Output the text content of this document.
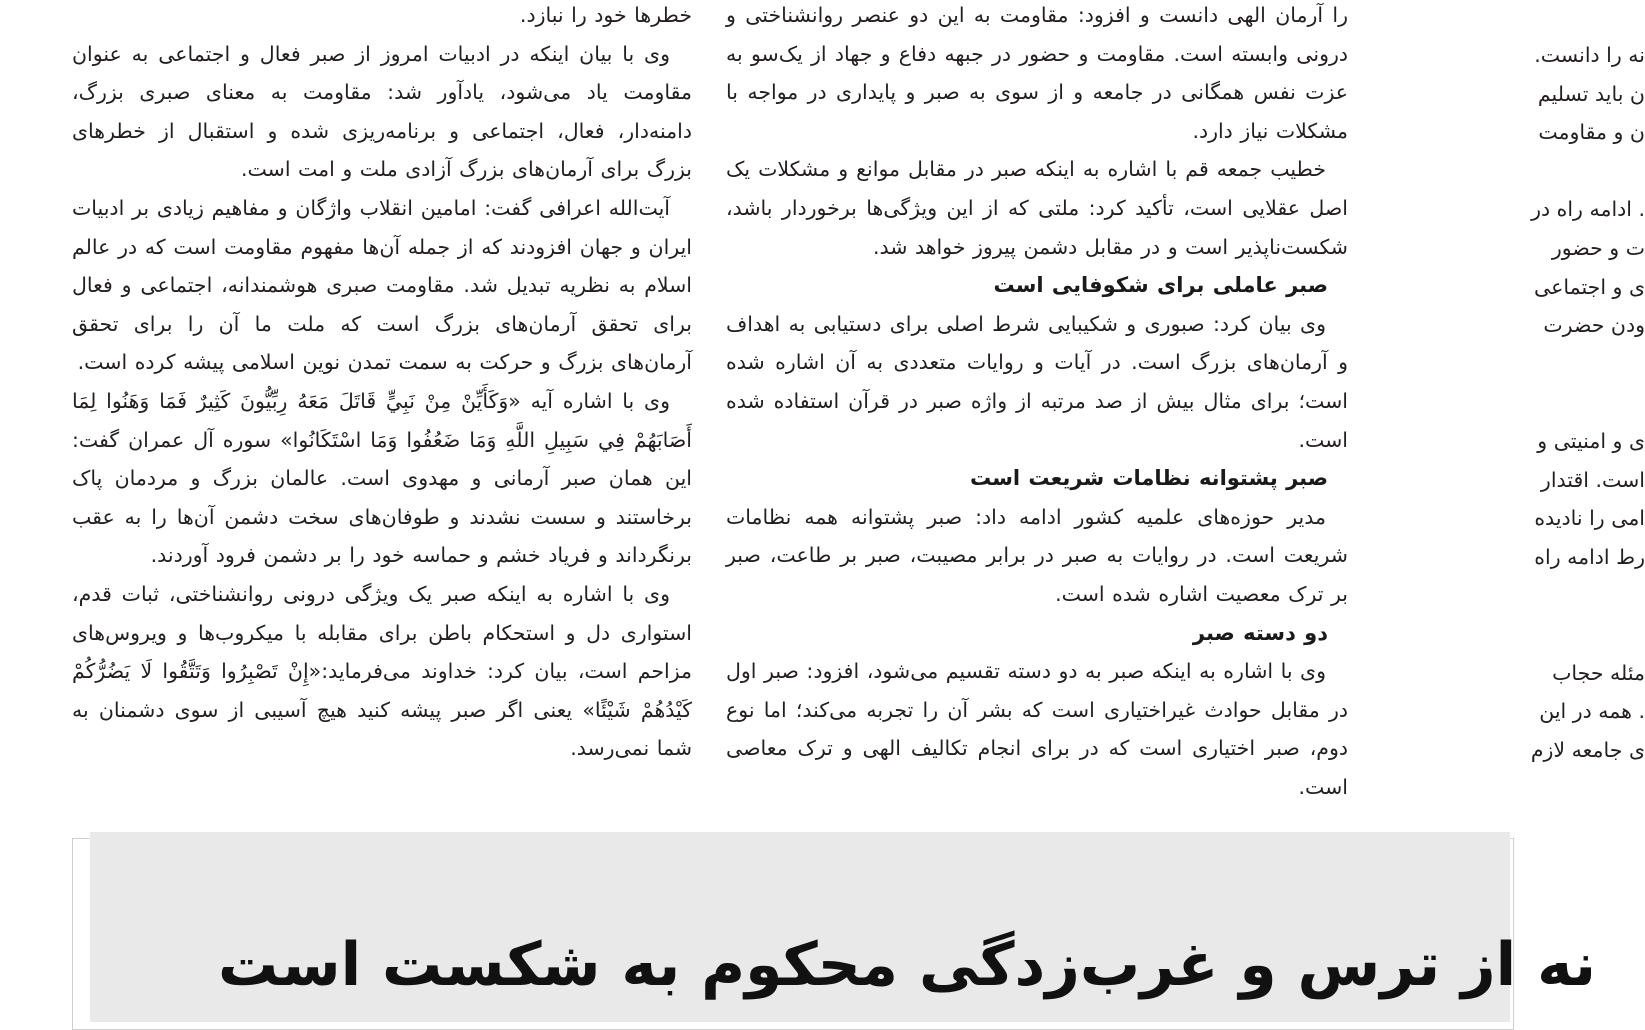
خطرها خود را نبازد.

وی با بیان اینکه در ادبیات امروز از صبر فعال و اجتماعی به عنوان مقاومت یاد می‌شود، یادآور شد: مقاومت به معنای صبری بزرگ، دامنه‌دار، فعال، اجتماعی و برنامه‌ریزی شده و استقبال از خطرهای بزرگ برای آرمان‌های بزرگ آزادی ملت و امت است.

آیت‌الله اعرافی گفت: امامین انقلاب واژگان و مفاهیم زیادی بر ادبیات ایران و جهان افزودند که از جمله آن‌ها مفهوم مقاومت است که در عالم اسلام به نظریه تبدیل شد. مقاومت صبری هوشمندانه، اجتماعی و فعال برای تحقق آرمان‌های بزرگ است که ملت ما آن را برای تحقق آرمان‌های بزرگ و حرکت به سمت تمدن نوین اسلامی پیشه کرده است.

وی با اشاره آیه «وَكَأَيِّنْ مِنْ نَبِيٍّ قَاتَلَ مَعَهُ رِبِّيُّونَ كَثِيرٌ فَمَا وَهَنُوا لِمَا أَصَابَهُمْ فِي سَبِيلِ اللَّهِ وَمَا ضَعُفُوا وَمَا اسْتَكَانُوا» سوره آل عمران گفت: این همان صبر آرمانی و مهدوی است. عالمان بزرگ و مردمان پاک برخاستند و سست نشدند و طوفان‌های سخت دشمن آن‌ها را به عقب برنگرداند و فریاد خشم و حماسه خود را بر دشمن فرود آوردند.

وی با اشاره به اینکه صبر یک ویژگی درونی روانشناختی، ثبات قدم، استواری دل و استحکام باطن برای مقابله با میکروب‌ها و ویروس‌های مزاحم است، بیان کرد: خداوند می‌فرماید:«إِنْ تَصْبِرُوا وَتَتَّقُوا لَا يَضُرُّكُمْ كَيْدُهُمْ شَيْئًا» یعنی اگر صبر پیشه کنید هیچ آسیبی از سوی دشمنان به شما نمی‌رسد.

را آرمان الهی دانست و افزود: مقاومت به این دو عنصر روانشناختی و درونی وابسته است. مقاومت و حضور در جبهه دفاع و جهاد از یک‌سو به عزت نفس همگانی در جامعه و از سوی به صبر و پایداری در مواجه با مشکلات نیاز دارد.

خطیب جمعه قم با اشاره به اینکه صبر در مقابل موانع و مشکلات یک اصل عقلایی است، تأکید کرد: ملتی که از این ویژگی‌ها برخوردار باشد، شکست‌ناپذیر است و در مقابل دشمن پیروز خواهد شد.

صبر عاملی برای شکوفایی است

وی بیان کرد: صبوری و شکیبایی شرط اصلی برای دستیابی به اهداف و آرمان‌های بزرگ است. در آیات و روایات متعددی به آن اشاره شده است؛ برای مثال بیش از صد مرتبه از واژه صبر در قرآن استفاده شده است.

صبر پشتوانه نظامات شریعت است

مدیر حوزه‌های علمیه کشور ادامه داد: صبر پشتوانه همه نظامات شریعت است. در روایات به صبر در برابر مصیبت، صبر بر طاعت، صبر بر ترک معصیت اشاره شده است.

دو دسته صبر

وی با اشاره به اینکه صبر به دو دسته تقسیم می‌شود، افزود: صبر اول در مقابل حوادث غیراختیاری است که بشر آن را تجربه می‌کند؛ اما نوع دوم، صبر اختیاری است که در برای انجام تکالیف الهی و ترک معاصی است.

نه را دانست.

ن باید تسلیم

ن و مقاومت

. ادامه راه در

ت و حضور

ی و اجتماعی

ودن حضرت

ی و امنیتی و

است. اقتدار

امی را نادیده

رط ادامه راه

مئله حجاب

. همه در این

ی جامعه لازم

نه از ترس و غرب‌زدگی محکوم به شکست است
